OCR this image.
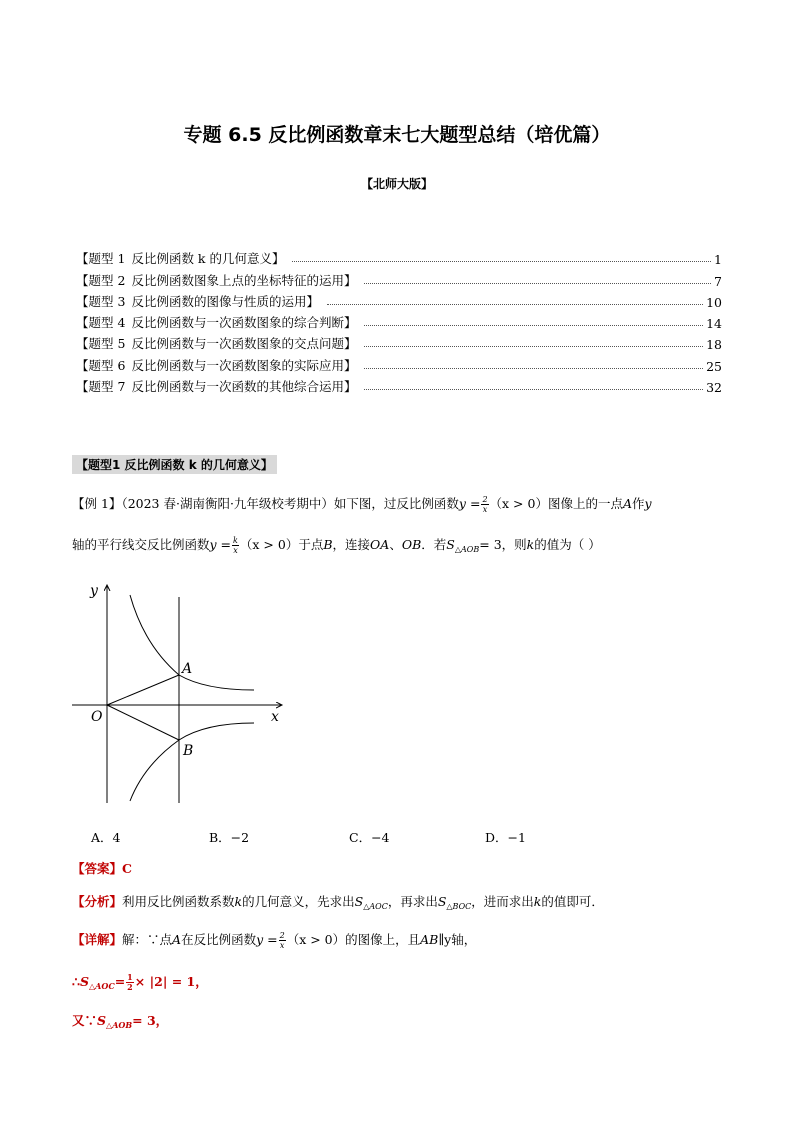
专题 6.5 反比例函数章末七大题型总结（培优篇）
【北师大版】
【题型 1 反比例函数 k 的几何意义】	1
【题型 2 反比例函数图象上点的坐标特征的运用】	7
【题型 3 反比例函数的图像与性质的运用】	10
【题型 4 反比例函数与一次函数图象的综合判断】	14
【题型 5 反比例函数与一次函数图象的交点问题】	18
【题型 6 反比例函数与一次函数图象的实际应用】	25
【题型 7 反比例函数与一次函数的其他综合运用】	32
【题型1 反比例函数 k 的几何意义】
【例 1】（2023 春·湖南衡阳·九年级校考期中）如下图，过反比例函数$y = \frac{2}{x} (x > 0)$图像上的一点A作y
轴的平行线交反比例函数$y = \frac{k}{x} (x > 0)$于点B，连接OA、OB．若$S_{\triangle AOB}= 3$，则k的值为（ ）
y
x
O
A
B
A．4	B．−2	C．−4	D．−1
【答案】C
【分析】利用反比例函数系数k的几何意义，先求出$S_{\triangle AOC}$，再求出$S_{\triangle BOC}$，进而求出k的值即可．
【详解】解：∵点A在反比例函数$y = \frac{2}{x} (x > 0)$的图像上，且AB∥y轴，
$\therefore S_{\triangle AOC}= \frac{1}{2} \times |2| = 1$，
又$\because S_{\triangle AOB}= 3$，
